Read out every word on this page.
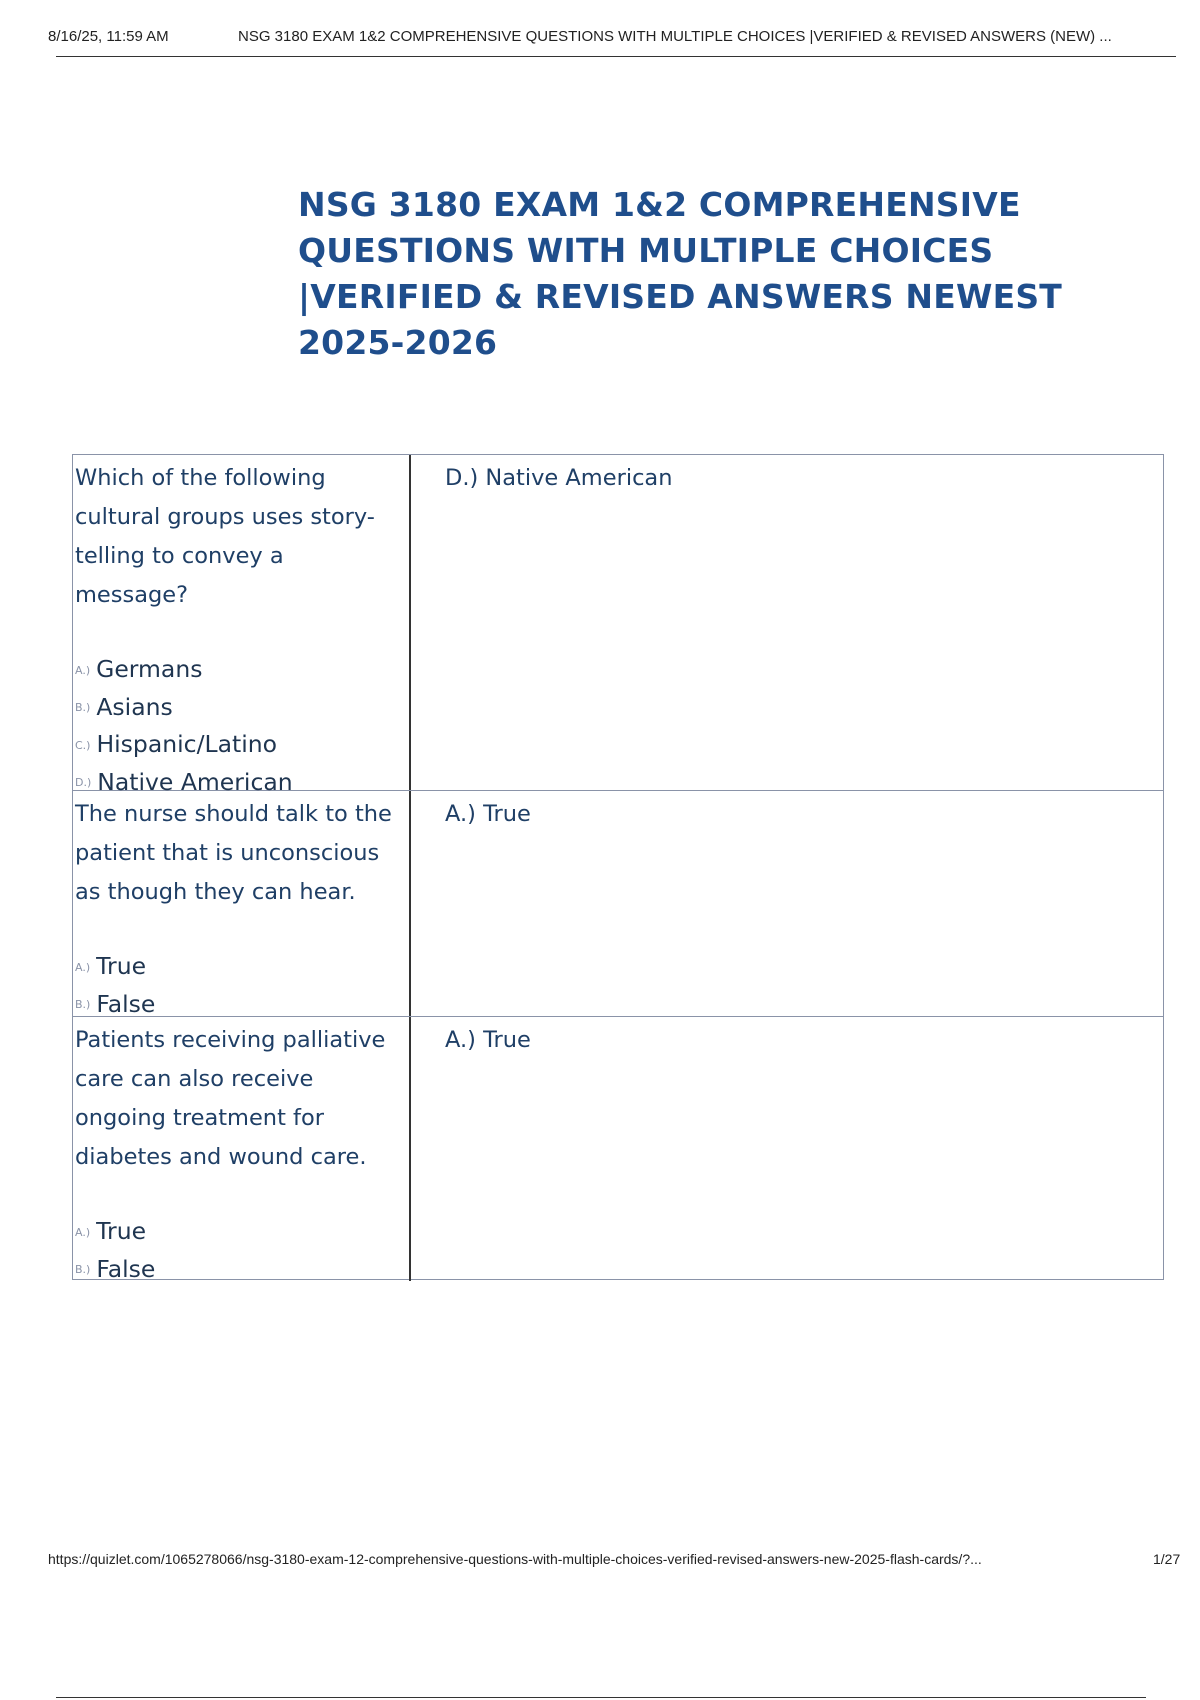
8/16/25, 11:59 AM	NSG 3180 EXAM 1&2 COMPREHENSIVE QUESTIONS WITH MULTIPLE CHOICES |VERIFIED & REVISED ANSWERS (NEW) ...
NSG 3180 EXAM 1&2 COMPREHENSIVE QUESTIONS WITH MULTIPLE CHOICES |VERIFIED & REVISED ANSWERS NEWEST 2025-2026

Which of the following cultural groups uses story-telling to convey a message?

A.) Germans
B.) Asians
C.) Hispanic/Latino
D.) Native American
D.) Native American

The nurse should talk to the patient that is unconscious as though they can hear.

A.) True
B.) False
A.) True

Patients receiving palliative care can also receive ongoing treatment for diabetes and wound care.

A.) True
B.) False
A.) True
https://quizlet.com/1065278066/nsg-3180-exam-12-comprehensive-questions-with-multiple-choices-verified-revised-answers-new-2025-flash-cards/?...	1/27
